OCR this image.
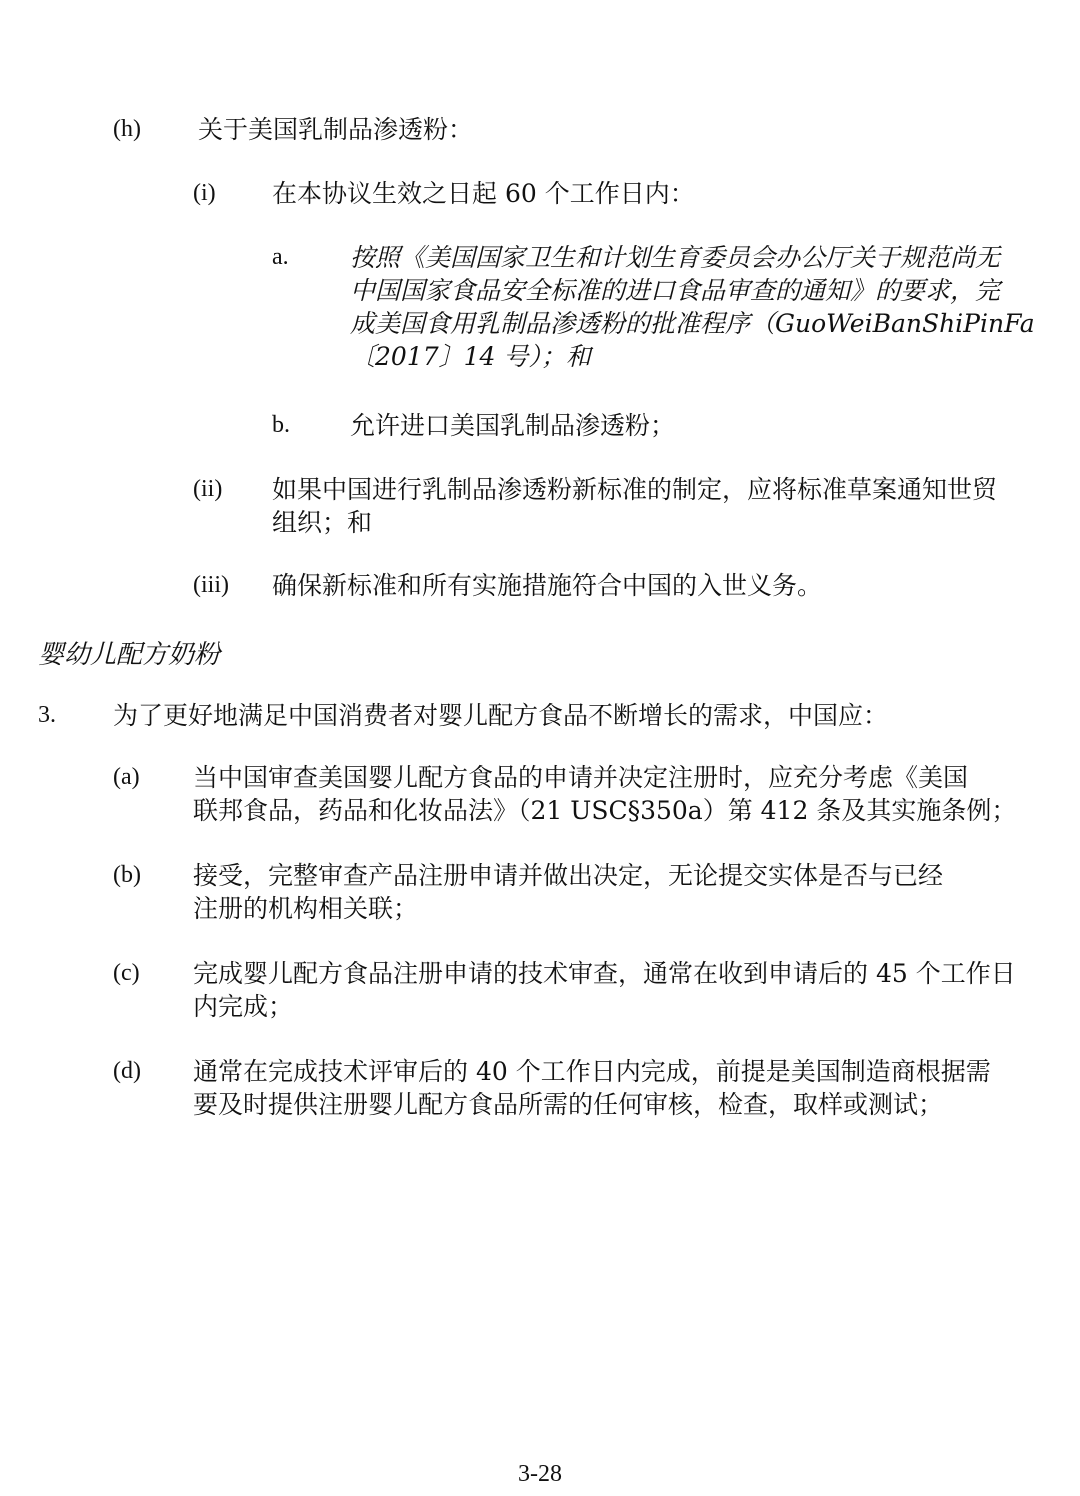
(h) 关于美国乳制品渗透粉：
(i) 在本协议生效之日起 60 个工作日内：
a. 按照《美国国家卫生和计划生育委员会办公厅关于规范尚无
中国国家食品安全标准的进口食品审查的通知》的要求，完
成美国食用乳制品渗透粉的批准程序（GuoWeiBanShiPinFa
〔2017〕14 号）；和
b. 允许进口美国乳制品渗透粉；
(ii) 如果中国进行乳制品渗透粉新标准的制定，应将标准草案通知世贸
组织；和
(iii) 确保新标准和所有实施措施符合中国的入世义务。
婴幼儿配方奶粉
3. 为了更好地满足中国消费者对婴儿配方食品不断增长的需求，中国应：
(a) 当中国审查美国婴儿配方食品的申请并决定注册时，应充分考虑《美国
联邦食品，药品和化妆品法》（21 USC§350a）第 412 条及其实施条例；
(b) 接受，完整审查产品注册申请并做出决定，无论提交实体是否与已经
注册的机构相关联；
(c) 完成婴儿配方食品注册申请的技术审查，通常在收到申请后的 45 个工作日
内完成；
(d) 通常在完成技术评审后的 40 个工作日内完成，前提是美国制造商根据需
要及时提供注册婴儿配方食品所需的任何审核，检查，取样或测试；
3-28
